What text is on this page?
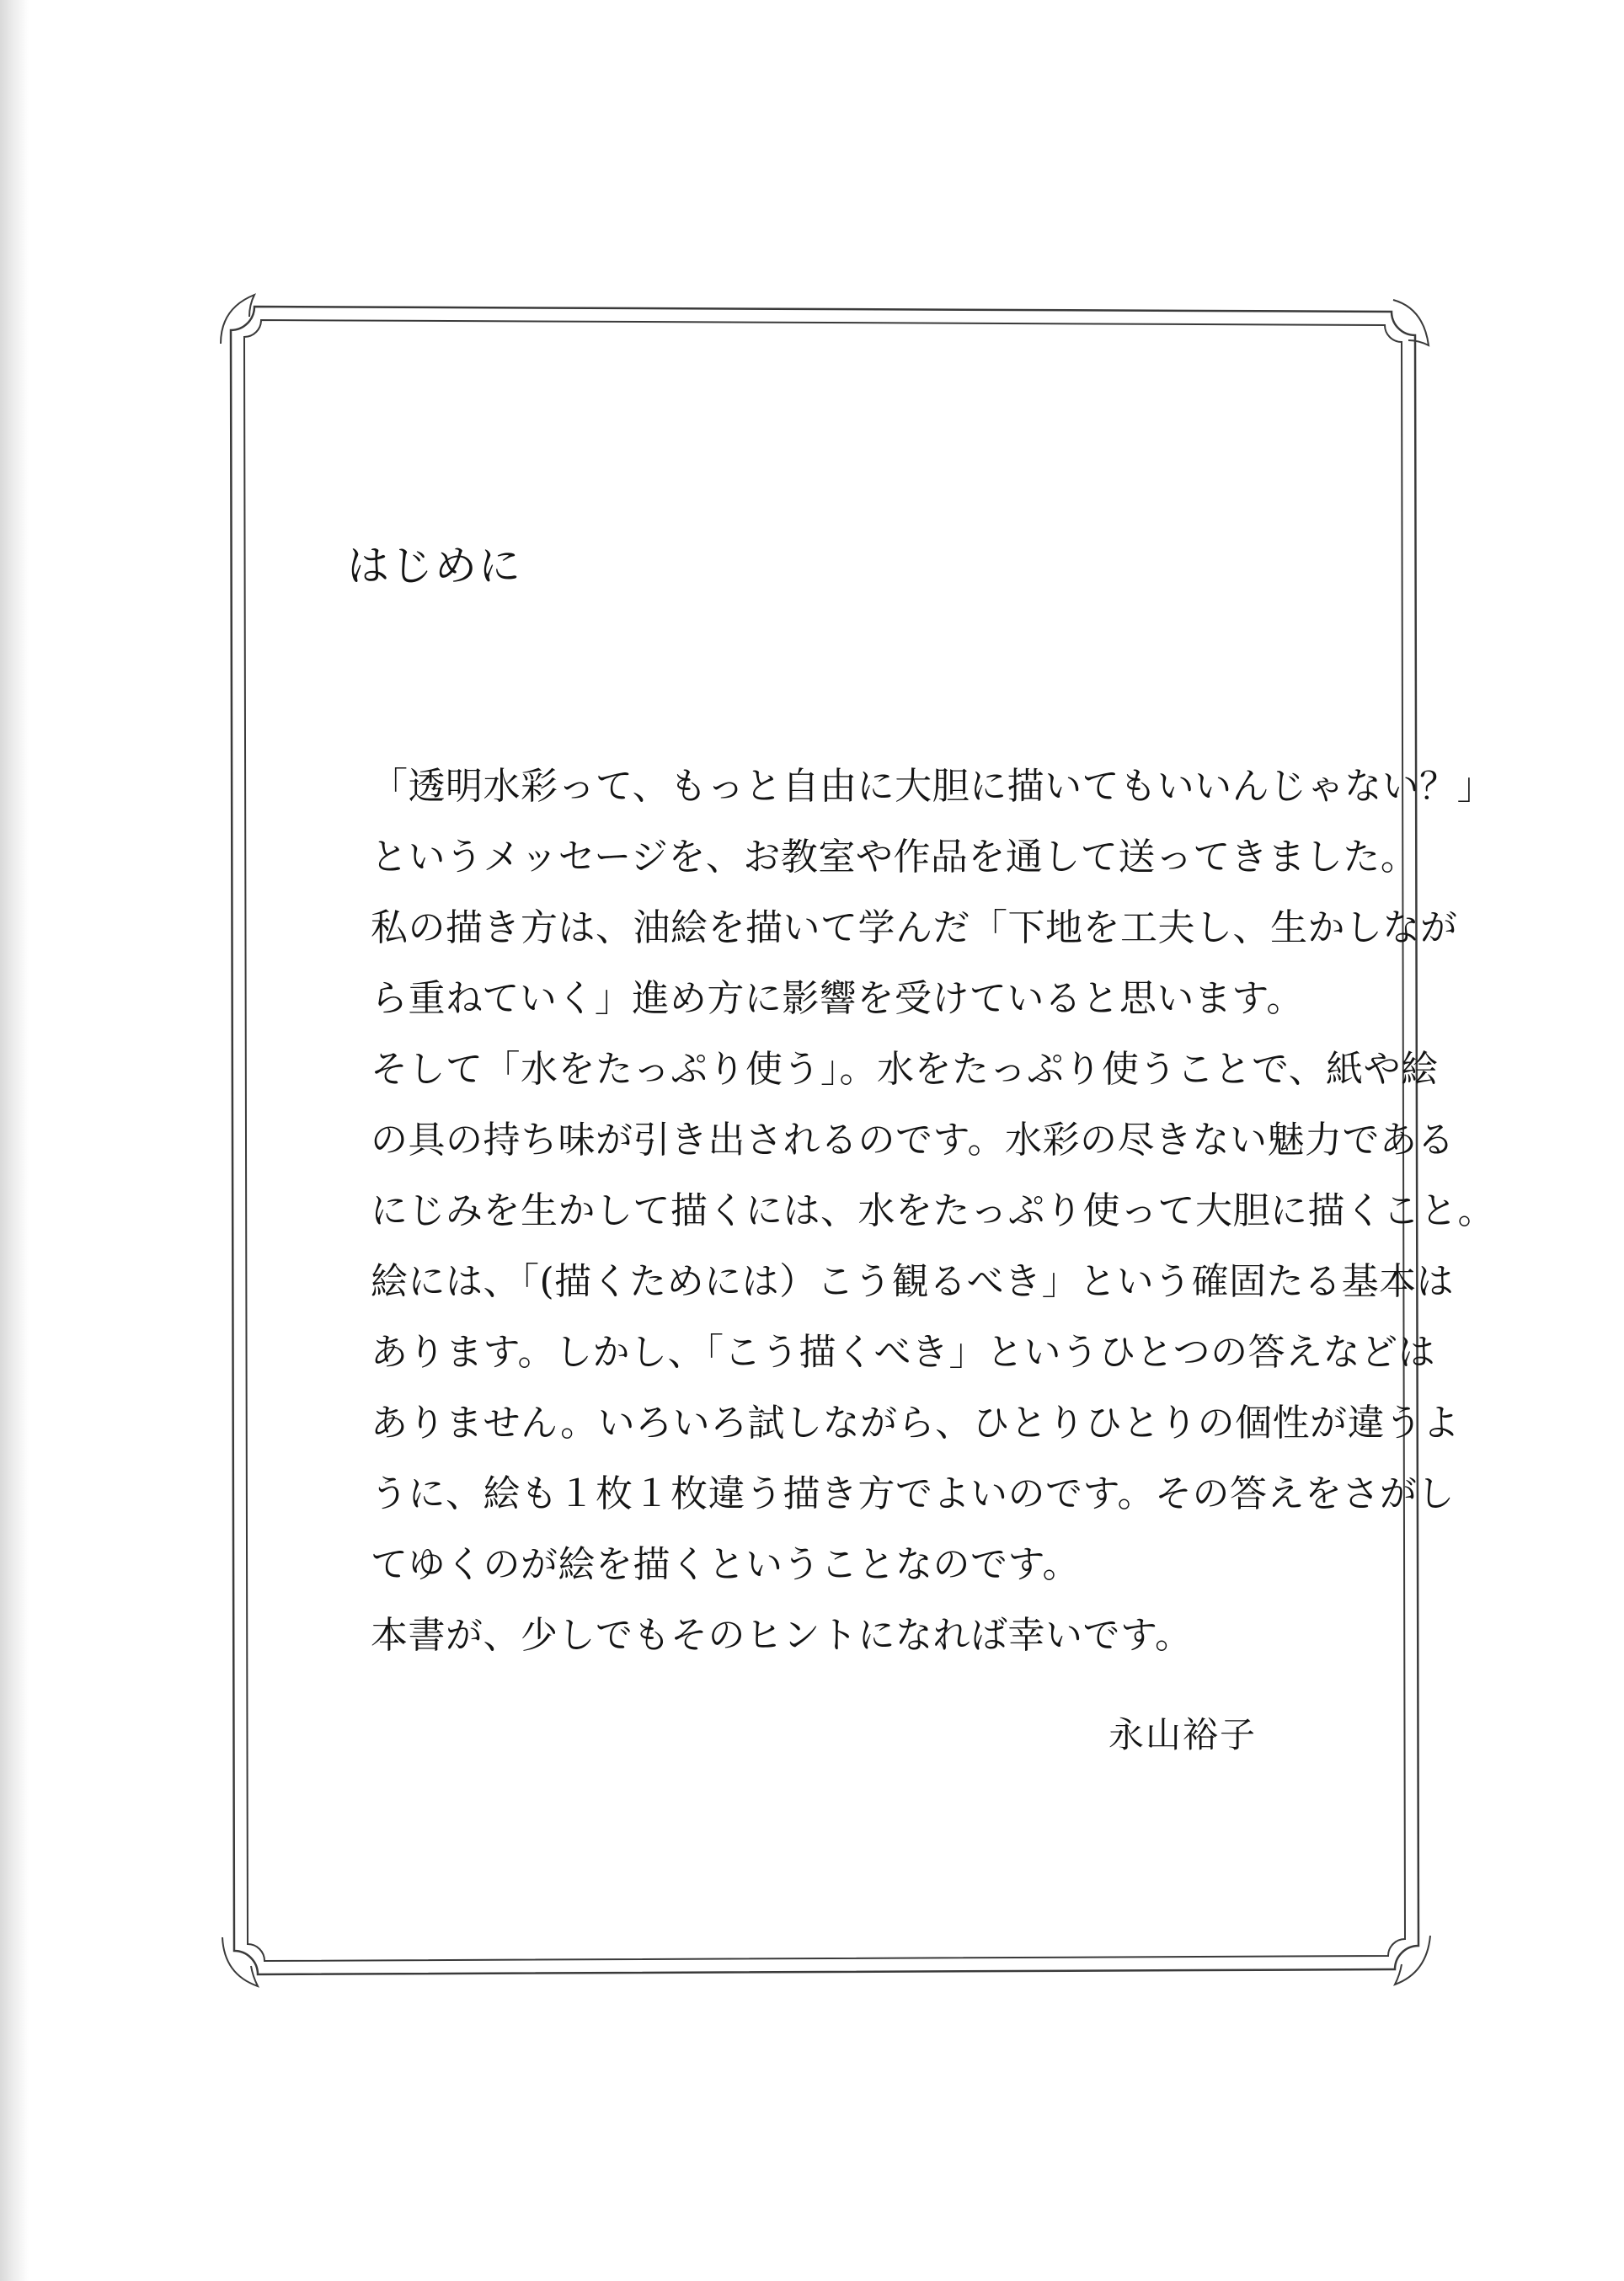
はじめに
「透明水彩って、もっと自由に大胆に描いてもいいんじゃない？」
というメッセージを、お教室や作品を通して送ってきました。
私の描き方は、油絵を描いて学んだ「下地を工夫し、生かしなが
ら重ねていく」進め方に影響を受けていると思います。
そして「水をたっぷり使う」。水をたっぷり使うことで、紙や絵
の具の持ち味が引き出されるのです。水彩の尽きない魅力である
にじみを生かして描くには、水をたっぷり使って大胆に描くこと。
絵には、「(描くためには）こう観るべき」という確固たる基本は
あります。しかし、「こう描くべき」というひとつの答えなどは
ありません。いろいろ試しながら、ひとりひとりの個性が違うよ
うに、絵も１枚１枚違う描き方でよいのです。その答えをさがし
てゆくのが絵を描くということなのです。
本書が、少しでもそのヒントになれば幸いです。

永山裕子
